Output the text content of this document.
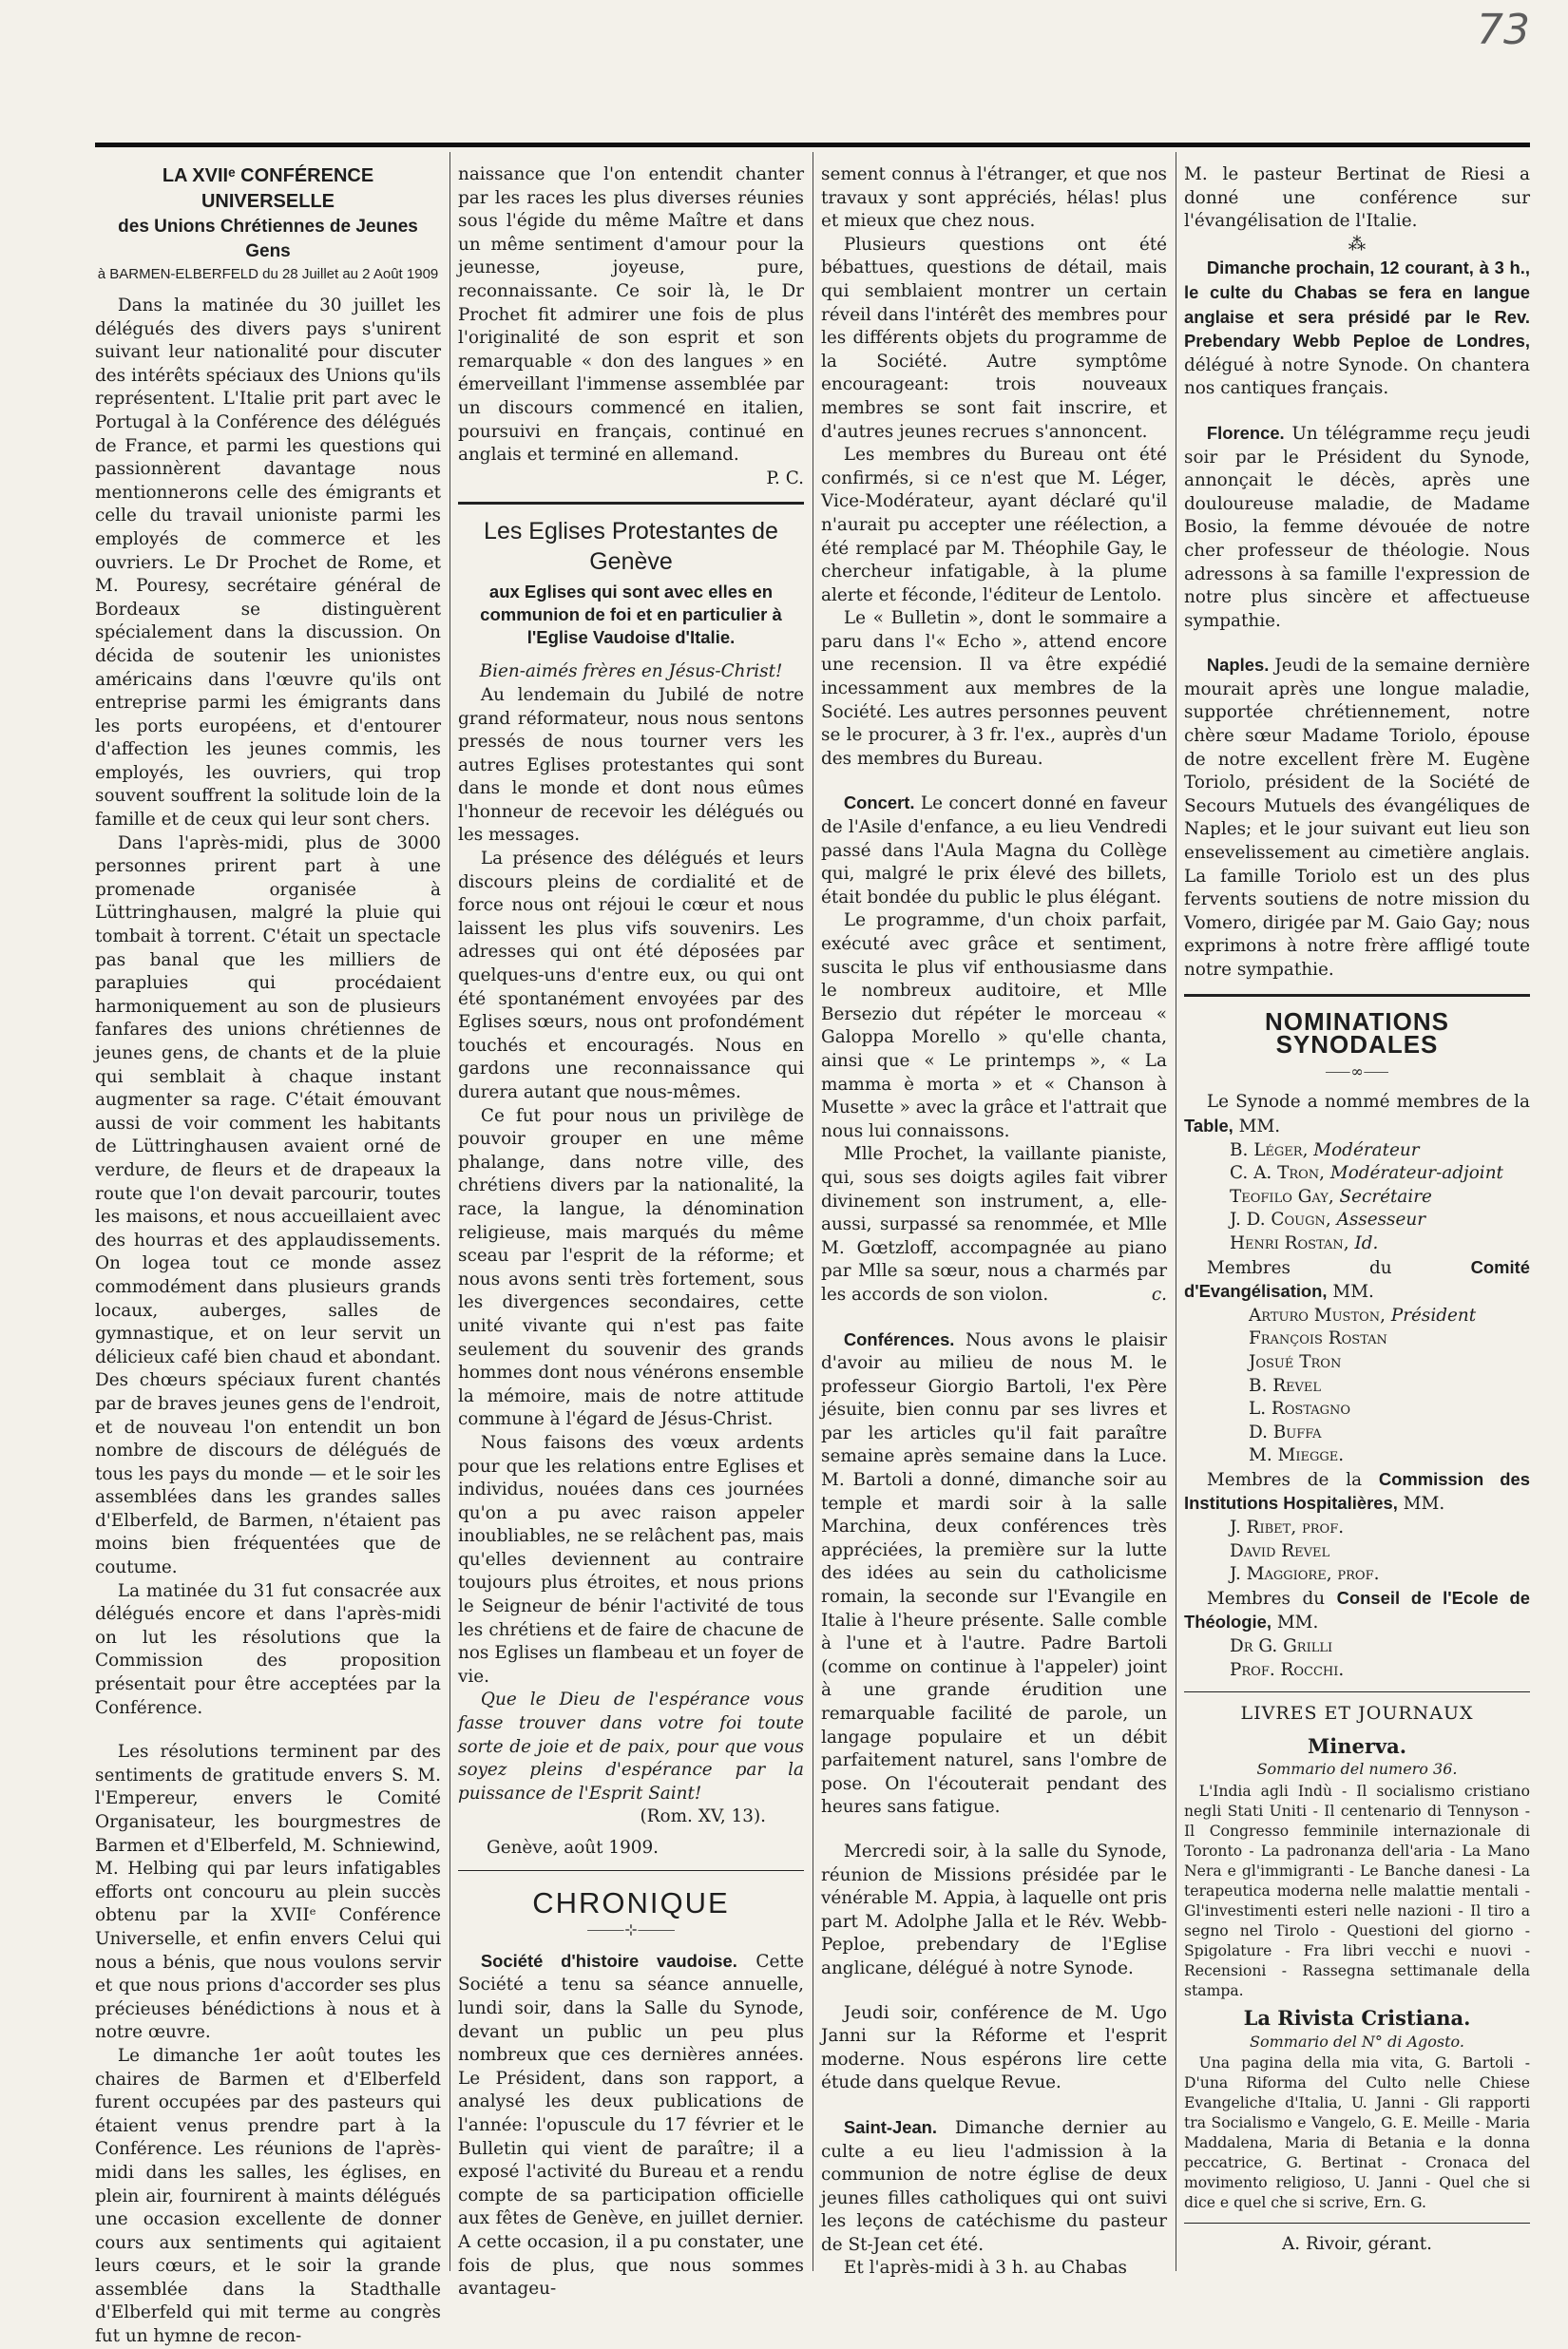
73
LA XVIIᵉ CONFÉRENCE UNIVERSELLE
des Unions Chrétiennes de Jeunes Gens
à BARMEN-ELBERFELD du 28 Juillet au 2 Août 1909

Dans la matinée du 30 juillet les délégués des divers pays s'unirent suivant leur nationalité pour discuter des intérêts spéciaux des Unions qu'ils représentent. L'Italie prit part avec le Portugal à la Conférence des délégués de France, et parmi les questions qui passionnèrent davantage nous mentionnerons celle des émigrants et celle du travail unioniste parmi les employés de commerce et les ouvriers. Le Dr Prochet de Rome, et M. Pouresy, secrétaire général de Bordeaux se distinguèrent spécialement dans la discussion. On décida de soutenir les unionistes américains dans l'œuvre qu'ils ont entreprise parmi les émigrants dans les ports européens, et d'entourer d'affection les jeunes commis, les employés, les ouvriers, qui trop souvent souffrent la solitude loin de la famille et de ceux qui leur sont chers.

Dans l'après-midi, plus de 3000 personnes prirent part à une promenade organisée à Lüttringhausen, malgré la pluie qui tombait à torrent. C'était un spectacle pas banal que les milliers de parapluies qui procédaient harmoniquement au son de plusieurs fanfares des unions chrétiennes de jeunes gens, de chants et de la pluie qui semblait à chaque instant augmenter sa rage. C'était émouvant aussi de voir comment les habitants de Lüttringhausen avaient orné de verdure, de fleurs et de drapeaux la route que l'on devait parcourir, toutes les maisons, et nous accueillaient avec des hourras et des applaudissements. On logea tout ce monde assez commodément dans plusieurs grands locaux, auberges, salles de gymnastique, et on leur servit un délicieux café bien chaud et abondant. Des chœurs spéciaux furent chantés par de braves jeunes gens de l'endroit, et de nouveau l'on entendit un bon nombre de discours de délégués de tous les pays du monde — et le soir les assemblées dans les grandes salles d'Elberfeld, de Barmen, n'étaient pas moins bien fréquentées que de coutume.

La matinée du 31 fut consacrée aux délégués encore et dans l'après-midi on lut les résolutions que la Commission des proposition présentait pour être acceptées par la Conférence.

Les résolutions terminent par des sentiments de gratitude envers S. M. l'Empereur, envers le Comité Organisateur, les bourgmestres de Barmen et d'Elberfeld, M. Schniewind, M. Helbing qui par leurs infatigables efforts ont concouru au plein succès obtenu par la XVIIᵉ Conférence Universelle, et enfin envers Celui qui nous a bénis, que nous voulons servir et que nous prions d'accorder ses plus précieuses bénédictions à nous et à notre œuvre.

Le dimanche 1er août toutes les chaires de Barmen et d'Elberfeld furent occupées par des pasteurs qui étaient venus prendre part à la Conférence. Les réunions de l'après-midi dans les salles, les églises, en plein air, fournirent à maints délégués une occasion excellente de donner cours aux sentiments qui agitaient leurs cœurs, et le soir la grande assemblée dans la Stadthalle d'Elberfeld qui mit terme au congrès fut un hymne de recon-

naissance que l'on entendit chanter par les races les plus diverses réunies sous l'égide du même Maître et dans un même sentiment d'amour pour la jeunesse, joyeuse, pure, reconnaissante. Ce soir là, le Dr Prochet fit admirer une fois de plus l'originalité de son esprit et son remarquable « don des langues » en émerveillant l'immense assemblée par un discours commencé en italien, poursuivi en français, continué en anglais et terminé en allemand.

P. C.
Les Eglises Protestantes de Genève
aux Eglises qui sont avec elles en communion de foi et en particulier à l'Eglise Vaudoise d'Italie.
Bien-aimés frères en Jésus-Christ!

Au lendemain du Jubilé de notre grand réformateur, nous nous sentons pressés de nous tourner vers les autres Eglises protestantes qui sont dans le monde et dont nous eûmes l'honneur de recevoir les délégués ou les messages.

La présence des délégués et leurs discours pleins de cordialité et de force nous ont réjoui le cœur et nous laissent les plus vifs souvenirs. Les adresses qui ont été déposées par quelques-uns d'entre eux, ou qui ont été spontanément envoyées par des Eglises sœurs, nous ont profondément touchés et encouragés. Nous en gardons une reconnaissance qui durera autant que nous-mêmes.

Ce fut pour nous un privilège de pouvoir grouper en une même phalange, dans notre ville, des chrétiens divers par la nationalité, la race, la langue, la dénomination religieuse, mais marqués du même sceau par l'esprit de la réforme; et nous avons senti très fortement, sous les divergences secondaires, cette unité vivante qui n'est pas faite seulement du souvenir des grands hommes dont nous vénérons ensemble la mémoire, mais de notre attitude commune à l'égard de Jésus-Christ.

Nous faisons des vœux ardents pour que les relations entre Eglises et individus, nouées dans ces journées qu'on a pu avec raison appeler inoubliables, ne se relâchent pas, mais qu'elles deviennent au contraire toujours plus étroites, et nous prions le Seigneur de bénir l'activité de tous les chrétiens et de faire de chacune de nos Eglises un flambeau et un foyer de vie.

Que le Dieu de l'espérance vous fasse trouver dans votre foi toute sorte de joie et de paix, pour que vous soyez pleins d'espérance par la puissance de l'Esprit Saint!

(Rom. XV, 13).
Genève, août 1909.
CHRONIQUE
⸻⊹⸻

Société d'histoire vaudoise. Cette Société a tenu sa séance annuelle, lundi soir, dans la Salle du Synode, devant un public un peu plus nombreux que ces dernières années. Le Président, dans son rapport, a analysé les deux publications de l'année: l'opuscule du 17 février et le Bulletin qui vient de paraître; il a exposé l'activité du Bureau et a rendu compte de sa participation officielle aux fêtes de Genève, en juillet dernier. A cette occasion, il a pu constater, une fois de plus, que nous sommes avantageu-

sement connus à l'étranger, et que nos travaux y sont appréciés, hélas! plus et mieux que chez nous.

Plusieurs questions ont été bébattues, questions de détail, mais qui semblaient montrer un certain réveil dans l'intérêt des membres pour les différents objets du programme de la Société. Autre symptôme encourageant: trois nouveaux membres se sont fait inscrire, et d'autres jeunes recrues s'annoncent.

Les membres du Bureau ont été confirmés, si ce n'est que M. Léger, Vice-Modérateur, ayant déclaré qu'il n'aurait pu accepter une réélection, a été remplacé par M. Théophile Gay, le chercheur infatigable, à la plume alerte et féconde, l'éditeur de Lentolo.

Le « Bulletin », dont le sommaire a paru dans l'« Echo », attend encore une recension. Il va être expédié incessamment aux membres de la Société. Les autres personnes peuvent se le procurer, à 3 fr. l'ex., auprès d'un des membres du Bureau.

Concert. Le concert donné en faveur de l'Asile d'enfance, a eu lieu Vendredi passé dans l'Aula Magna du Collège qui, malgré le prix élevé des billets, était bondée du public le plus élégant.

Le programme, d'un choix parfait, exécuté avec grâce et sentiment, suscita le plus vif enthousiasme dans le nombreux auditoire, et Mlle Bersezio dut répéter le morceau « Galoppa Morello » qu'elle chanta, ainsi que « Le printemps », « La mamma è morta » et « Chanson à Musette » avec la grâce et l'attrait que nous lui connaissons.

Mlle Prochet, la vaillante pianiste, qui, sous ses doigts agiles fait vibrer divinement son instrument, a, elle-aussi, surpassé sa renommée, et Mlle M. Gœtzloff, accompagnée au piano par Mlle sa sœur, nous a charmés par les accords de son violon.	c.

Conférences. Nous avons le plaisir d'avoir au milieu de nous M. le professeur Giorgio Bartoli, l'ex Père jésuite, bien connu par ses livres et par les articles qu'il fait paraître semaine après semaine dans la Luce. M. Bartoli a donné, dimanche soir au temple et mardi soir à la salle Marchina, deux conférences très appréciées, la première sur la lutte des idées au sein du catholicisme romain, la seconde sur l'Evangile en Italie à l'heure présente. Salle comble à l'une et à l'autre. Padre Bartoli (comme on continue à l'appeler) joint à une grande érudition une remarquable facilité de parole, un langage populaire et un débit parfaitement naturel, sans l'ombre de pose. On l'écouterait pendant des heures sans fatigue.

Mercredi soir, à la salle du Synode, réunion de Missions présidée par le vénérable M. Appia, à laquelle ont pris part M. Adolphe Jalla et le Rév. Webb-Peploe, prebendary de l'Eglise anglicane, délégué à notre Synode.

Jeudi soir, conférence de M. Ugo Janni sur la Réforme et l'esprit moderne. Nous espérons lire cette étude dans quelque Revue.

Saint-Jean. Dimanche dernier au culte a eu lieu l'admission à la communion de notre église de deux jeunes filles catholiques qui ont suivi les leçons de catéchisme du pasteur de St-Jean cet été.

Et l'après-midi à 3 h. au Chabas

M. le pasteur Bertinat de Riesi a donné une conférence sur l'évangélisation de l'Italie.

⁂

Dimanche prochain, 12 courant, à 3 h., le culte du Chabas se fera en langue anglaise et sera présidé par le Rev. Prebendary Webb Peploe de Londres, délégué à notre Synode. On chantera nos cantiques français.

Florence. Un télégramme reçu jeudi soir par le Président du Synode, annonçait le décès, après une douloureuse maladie, de Madame Bosio, la femme dévouée de notre cher professeur de théologie. Nous adressons à sa famille l'expression de notre plus sincère et affectueuse sympathie.

Naples. Jeudi de la semaine dernière mourait après une longue maladie, supportée chrétiennement, notre chère sœur Madame Toriolo, épouse de notre excellent frère M. Eugène Toriolo, président de la Société de Secours Mutuels des évangéliques de Naples; et le jour suivant eut lieu son ensevelissement au cimetière anglais. La famille Toriolo est un des plus fervents soutiens de notre mission du Vomero, dirigée par M. Gaio Gay; nous exprimons à notre frère affligé toute notre sympathie.

NOMINATIONS SYNODALES
⸺∞⸺

Le Synode a nommé membres de la Table, MM.

B. Léger, Modérateur
C. A. Tron, Modérateur-adjoint
Teofilo Gay, Secrétaire
J. D. Cougn, Assesseur
Henri Rostan, Id.

Membres du	Comité d'Evangélisation, MM.

Arturo Muston, Président
François Rostan
Josué Tron
B. Revel
L. Rostagno
D. Buffa
M. Miegge.

Membres de la Commission des Institutions Hospitalières, MM.

J. Ribet, prof.
David Revel
J. Maggiore, prof.

Membres du Conseil de l'Ecole de Théologie, MM.

Dr G. Grilli
Prof. Rocchi.
LIVRES ET JOURNAUX
Minerva.
Sommario del numero 36.

L'India agli Indù - Il socialismo cristiano negli Stati Uniti - Il centenario di Tennyson - Il Congresso femminile internazionale di Toronto - La padronanza dell'aria - La Mano Nera e gl'immigranti - Le Banche danesi - La terapeutica moderna nelle malattie mentali - Gl'investimenti esteri nelle nazioni - Il tiro a segno nel Tirolo - Questioni del giorno - Spigolature - Fra libri vecchi e nuovi - Recensioni - Rassegna settimanale della stampa.

La Rivista Cristiana.
Sommario del N° di Agosto.

Una pagina della mia vita, G. Bartoli - D'una Riforma del Culto nelle Chiese Evangeliche d'Italia, U. Janni - Gli rapporti tra Socialismo e Vangelo, G. E. Meille - Maria Maddalena, Maria di Betania e la donna peccatrice, G. Bertinat - Cronaca del movimento religioso, U. Janni - Quel che si dice e quel che si scrive, Ern. G.

A. Rivoir, gérant.
